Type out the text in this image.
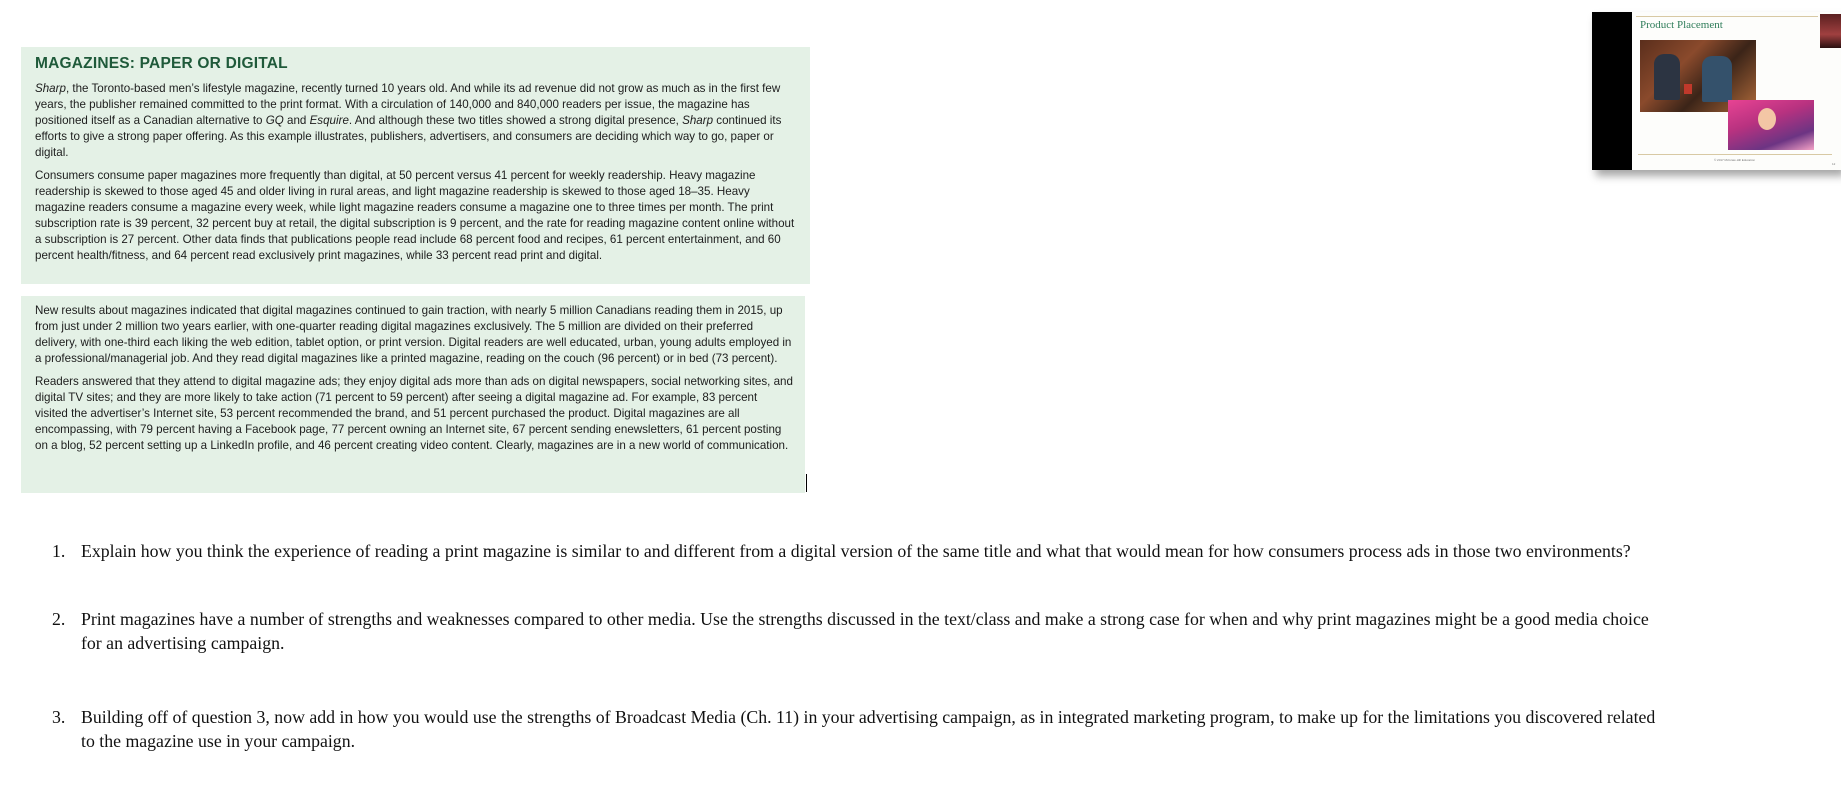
MAGAZINES: PAPER OR DIGITAL

Sharp, the Toronto-based men’s lifestyle magazine, recently turned 10 years old. And while its ad revenue did not grow as much as in the first few years, the publisher remained committed to the print format. With a circulation of 140,000 and 840,000 readers per issue, the magazine has positioned itself as a Canadian alternative to GQ and Esquire. And although these two titles showed a strong digital presence, Sharp continued its efforts to give a strong paper offering. As this example illustrates, publishers, advertisers, and consumers are deciding which way to go, paper or digital.

Consumers consume paper magazines more frequently than digital, at 50 percent versus 41 percent for weekly readership. Heavy magazine readership is skewed to those aged 45 and older living in rural areas, and light magazine readership is skewed to those aged 18–35. Heavy magazine readers consume a magazine every week, while light magazine readers consume a magazine one to three times per month. The print subscription rate is 39 percent, 32 percent buy at retail, the digital subscription is 9 percent, and the rate for reading magazine content online without a subscription is 27 percent. Other data finds that publications people read include 68 percent food and recipes, 61 percent entertainment, and 60 percent health/fitness, and 64 percent read exclusively print magazines, while 33 percent read print and digital.

New results about magazines indicated that digital magazines continued to gain traction, with nearly 5 million Canadians reading them in 2015, up from just under 2 million two years earlier, with one-quarter reading digital magazines exclusively. The 5 million are divided on their preferred delivery, with one-third each liking the web edition, tablet option, or print version. Digital readers are well educated, urban, young adults employed in a professional/managerial job. And they read digital magazines like a printed magazine, reading on the couch (96 percent) or in bed (73 percent).

Readers answered that they attend to digital magazine ads; they enjoy digital ads more than ads on digital newspapers, social networking sites, and digital TV sites; and they are more likely to take action (71 percent to 59 percent) after seeing a digital magazine ad. For example, 83 percent visited the advertiser’s Internet site, 53 percent recommended the brand, and 51 percent purchased the product. Digital magazines are all encompassing, with 79 percent having a Facebook page, 77 percent owning an Internet site, 67 percent sending enewsletters, 61 percent posting on a blog, 52 percent setting up a LinkedIn profile, and 46 percent creating video content. Clearly, magazines are in a new world of communication.

Product Placement
© 2017 McGraw-Hill Education
12
1. Explain how you think the experience of reading a print magazine is similar to and different from a digital version of the same title and what that would mean for how consumers process ads in those two environments?
2. Print magazines have a number of strengths and weaknesses compared to other media. Use the strengths discussed in the text/class and make a strong case for when and why print magazines might be a good media choice
for an advertising campaign.
3. Building off of question 3, now add in how you would use the strengths of Broadcast Media (Ch. 11) in your advertising campaign, as in integrated marketing program, to make up for the limitations you discovered related
to the magazine use in your campaign.
